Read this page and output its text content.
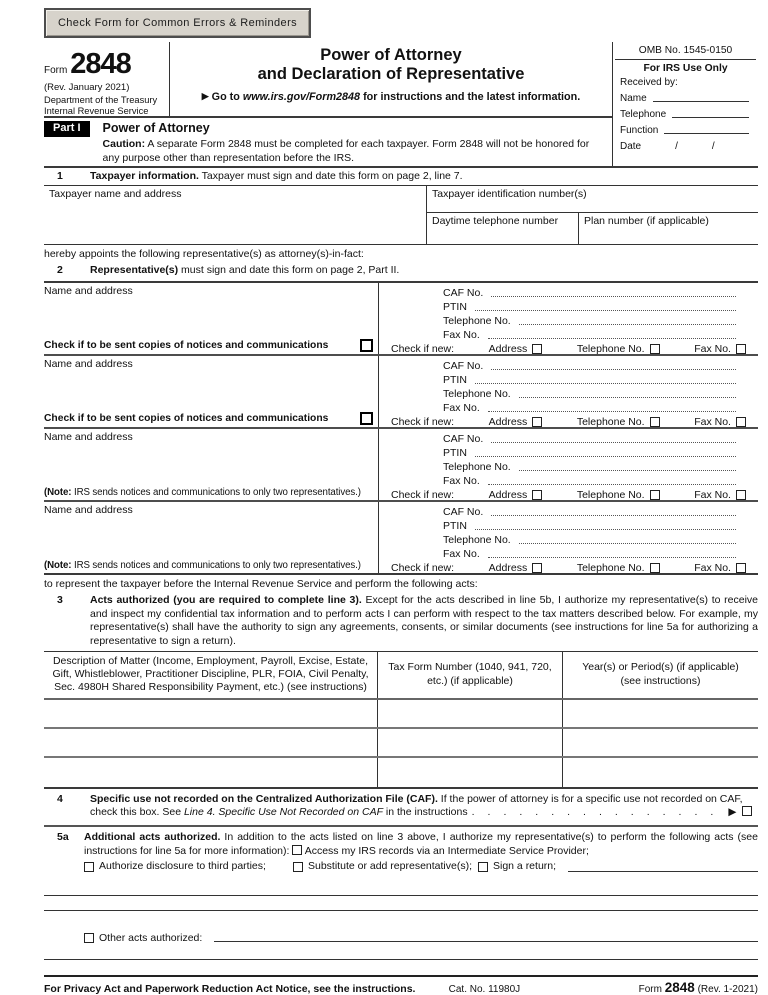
Check Form for Common Errors & Reminders
Form 2848
(Rev. January 2021)
Department of the Treasury
Internal Revenue Service
Power of Attorney
and Declaration of Representative
▶ Go to www.irs.gov/Form2848 for instructions and the latest information.
Part I	Power of Attorney
Caution: A separate Form 2848 must be completed for each taxpayer. Form 2848 will not be honored for any purpose other than representation before the IRS.
OMB No. 1545-0150
For IRS Use Only
Received by:
Name
Telephone
Function
Date	/	/
1	Taxpayer information. Taxpayer must sign and date this form on page 2, line 7.
Taxpayer name and address	Taxpayer identification number(s)
Daytime telephone number	Plan number (if applicable)
hereby appoints the following representative(s) as attorney(s)-in-fact:
2	Representative(s) must sign and date this form on page 2, Part II.
Name and address
Check if to be sent copies of notices and communications
CAF No.
PTIN
Telephone No.
Fax No.
Check if new:	Address	Telephone No.	Fax No.
Name and address
Check if to be sent copies of notices and communications
CAF No.
PTIN
Telephone No.
Fax No.
Check if new:	Address	Telephone No.	Fax No.
Name and address
(Note: IRS sends notices and communications to only two representatives.)
CAF No.
PTIN
Telephone No.
Fax No.
Check if new:	Address	Telephone No.	Fax No.
Name and address
(Note: IRS sends notices and communications to only two representatives.)
CAF No.
PTIN
Telephone No.
Fax No.
Check if new:	Address	Telephone No.	Fax No.
to represent the taxpayer before the Internal Revenue Service and perform the following acts:
3	Acts authorized (you are required to complete line 3). Except for the acts described in line 5b, I authorize my representative(s) to receive and inspect my confidential tax information and to perform acts I can perform with respect to the tax matters described below. For example, my representative(s) shall have the authority to sign any agreements, consents, or similar documents (see instructions for line 5a for authorizing a representative to sign a return).
Description of Matter (Income, Employment, Payroll, Excise, Estate, Gift, Whistleblower, Practitioner Discipline, PLR, FOIA, Civil Penalty, Sec. 4980H Shared Responsibility Payment, etc.) (see instructions)
Tax Form Number (1040, 941, 720, etc.) (if applicable)
Year(s) or Period(s) (if applicable) (see instructions)
4	Specific use not recorded on the Centralized Authorization File (CAF). If the power of attorney is for a specific use not recorded on CAF, check this box. See Line 4. Specific Use Not Recorded on CAF in the instructions ................ ▶
5a	Additional acts authorized. In addition to the acts listed on line 3 above, I authorize my representative(s) to perform the following acts (see instructions for line 5a for more information):  Access my IRS records via an Intermediate Service Provider;
Authorize disclosure to third parties;	Substitute or add representative(s); Sign a return;
Other acts authorized:
For Privacy Act and Paperwork Reduction Act Notice, see the instructions.	Cat. No. 11980J	Form 2848 (Rev. 1-2021)
